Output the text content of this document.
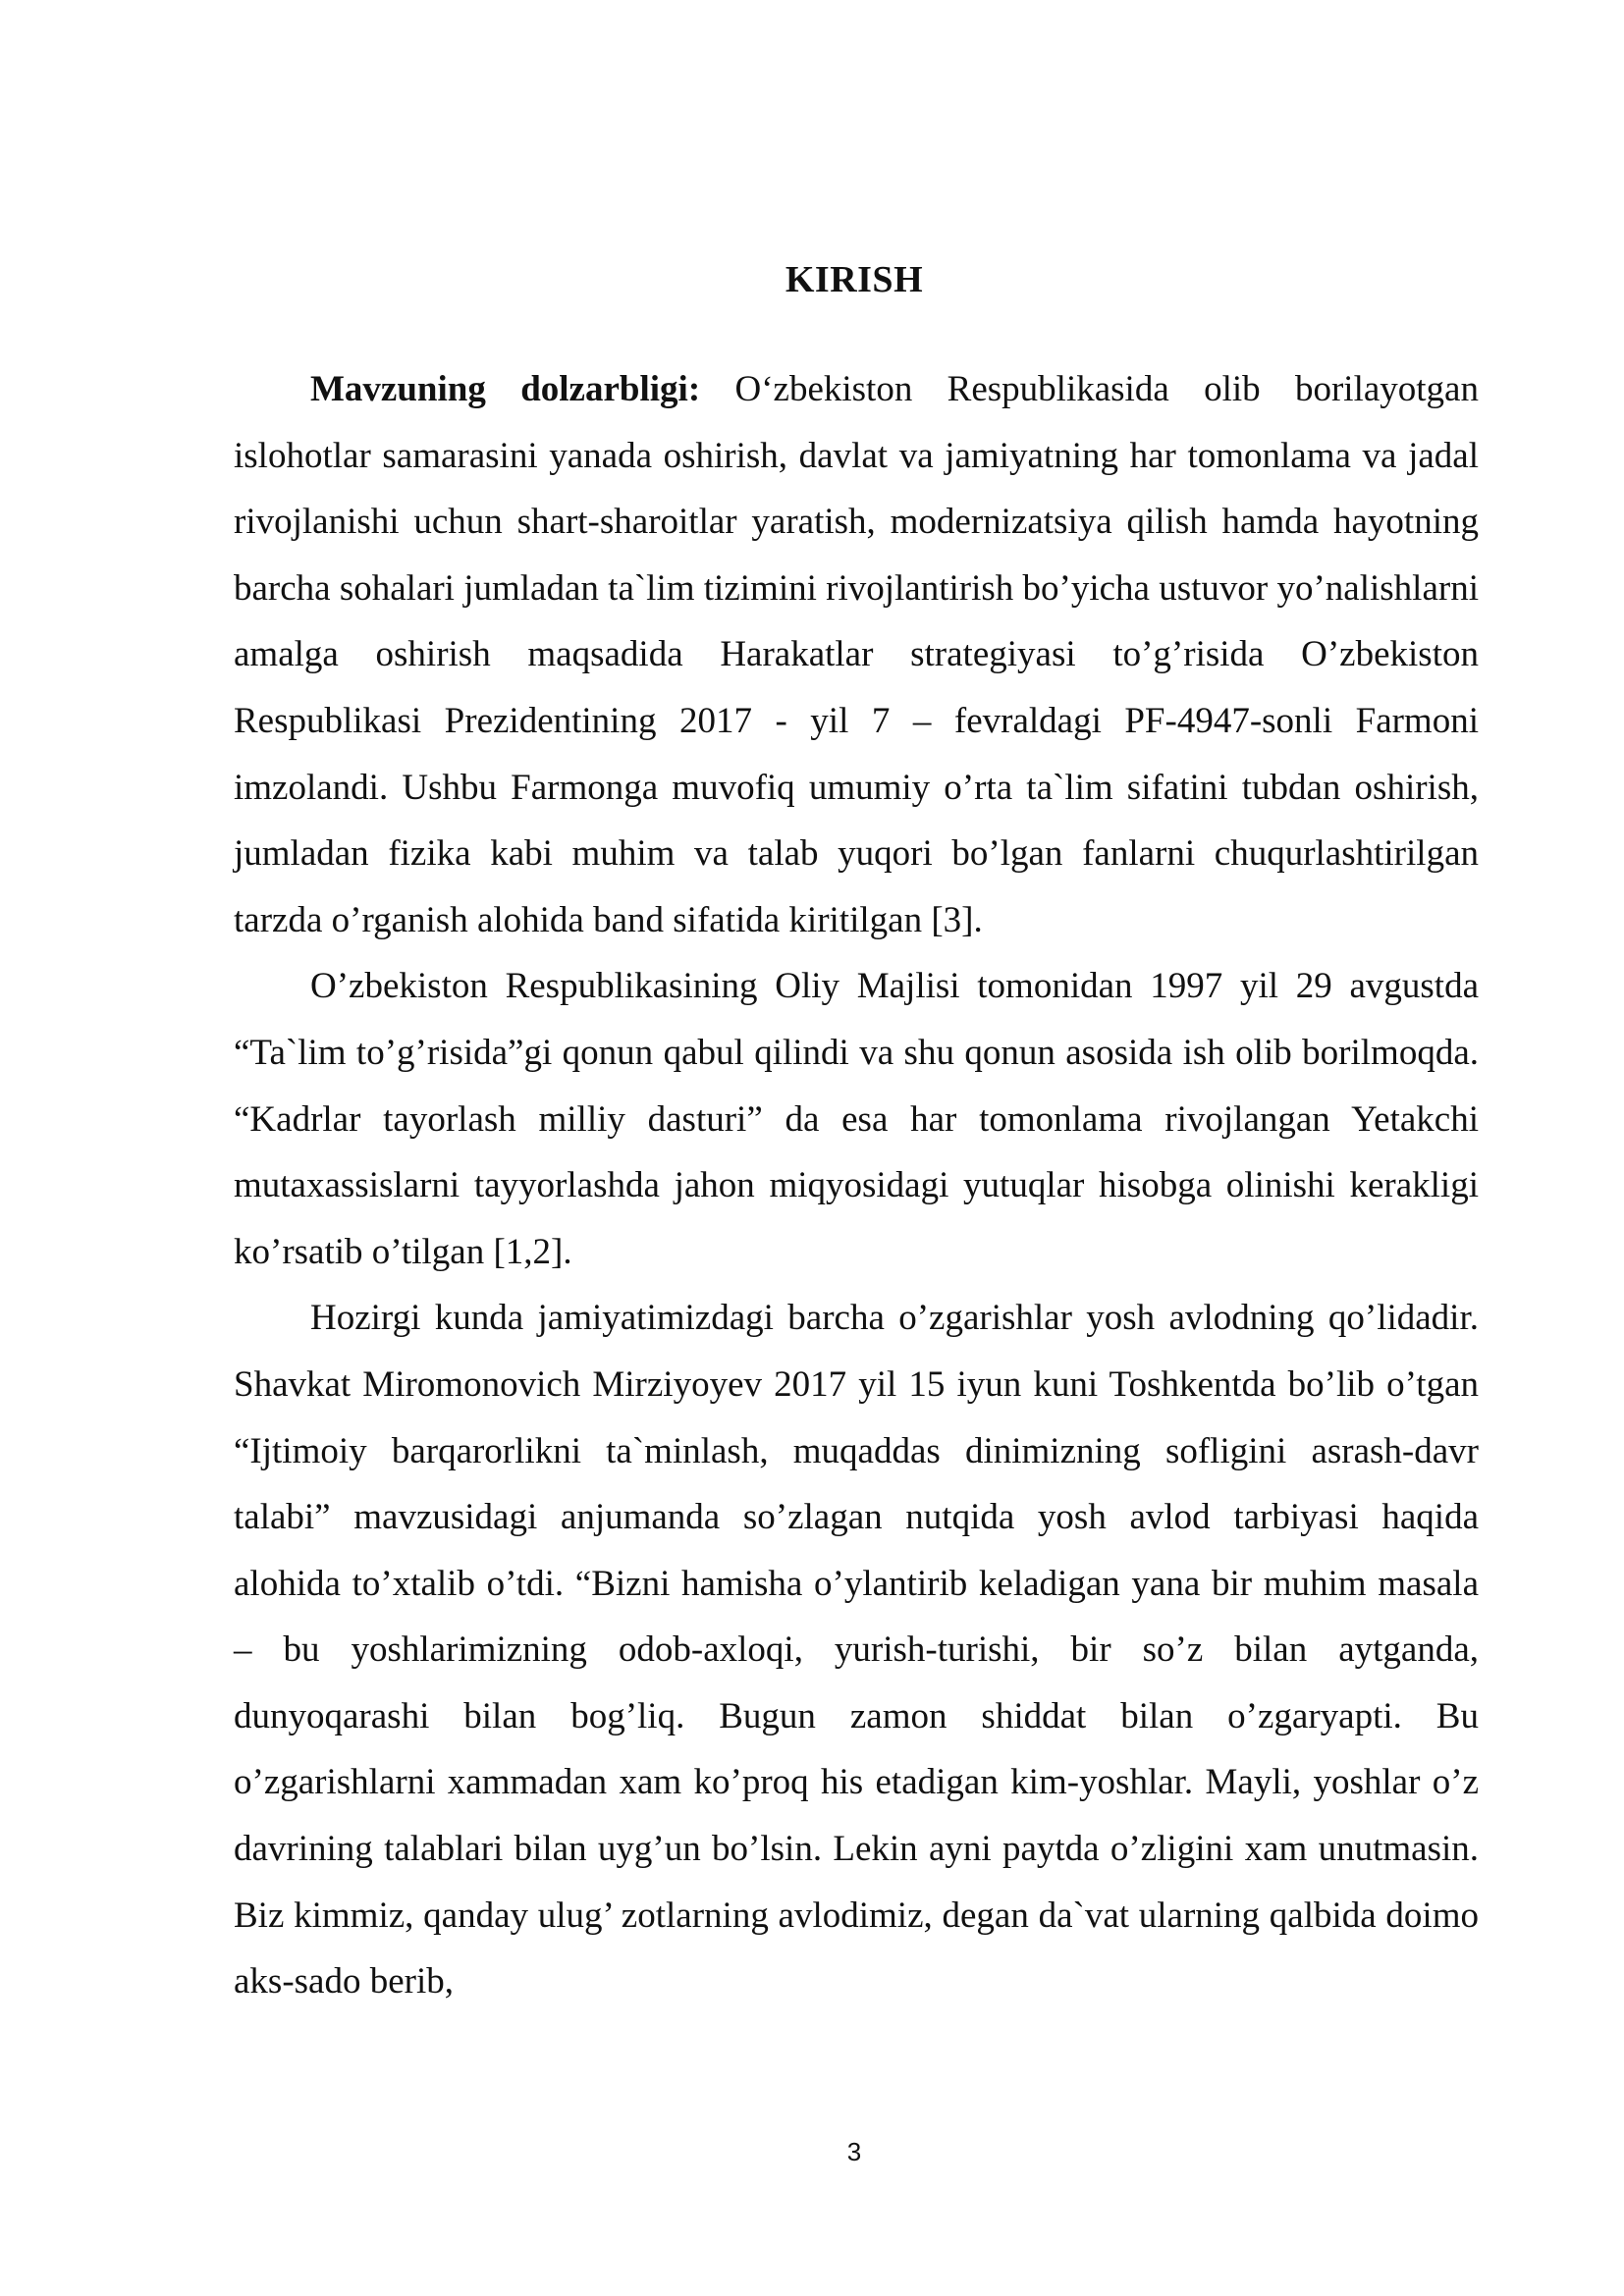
KIRISH

Mavzuning dolzarbligi: O‘zbekiston Respublikasida olib borilayotgan islohotlar samarasini yanada oshirish, davlat va jamiyatning har tomonlama va jadal rivojlanishi uchun shart-sharoitlar yaratish, modernizatsiya qilish hamda hayotning barcha sohalari jumladan ta`lim tizimini rivojlantirish bo’yicha ustuvor yo’nalishlarni amalga oshirish maqsadida Harakatlar strategiyasi to’g’risida O’zbekiston Respublikasi Prezidentining 2017 - yil 7 – fevraldagi PF-4947-sonli Farmoni imzolandi. Ushbu Farmonga muvofiq umumiy o’rta ta`lim sifatini tubdan oshirish, jumladan fizika kabi muhim va talab yuqori bo’lgan fanlarni chuqurlashtirilgan tarzda o’rganish alohida band sifatida kiritilgan [3].

O’zbekiston Respublikasining Oliy Majlisi tomonidan 1997 yil 29 avgustda “Ta`lim to’g’risida”gi qonun qabul qilindi va shu qonun asosida ish olib borilmoqda. “Kadrlar tayorlash milliy dasturi” da esa har tomonlama rivojlangan Yetakchi mutaxassislarni tayyorlashda jahon miqyosidagi yutuqlar hisobga olinishi kerakligi ko’rsatib o’tilgan [1,2].

Hozirgi kunda jamiyatimizdagi barcha o’zgarishlar yosh avlodning qo’lidadir. Shavkat Miromonovich Mirziyoyev 2017 yil 15 iyun kuni Toshkentda bo’lib o’tgan “Ijtimoiy barqarorlikni ta`minlash, muqaddas dinimizning sofligini asrash-davr talabi” mavzusidagi anjumanda so’zlagan nutqida yosh avlod tarbiyasi haqida alohida to’xtalib o’tdi. “Bizni hamisha o’ylantirib keladigan yana bir muhim masala – bu yoshlarimizning odob-axloqi, yurish-turishi, bir so’z bilan aytganda, dunyoqarashi bilan bog’liq. Bugun zamon shiddat bilan o’zgaryapti. Bu o’zgarishlarni xammadan xam ko’proq his etadigan kim-yoshlar. Mayli, yoshlar o’z davrining talablari bilan uyg’un bo’lsin. Lekin ayni paytda o’zligini xam unutmasin. Biz kimmiz, qanday ulug’ zotlarning avlodimiz, degan da`vat ularning qalbida doimo aks-sado berib,

3
